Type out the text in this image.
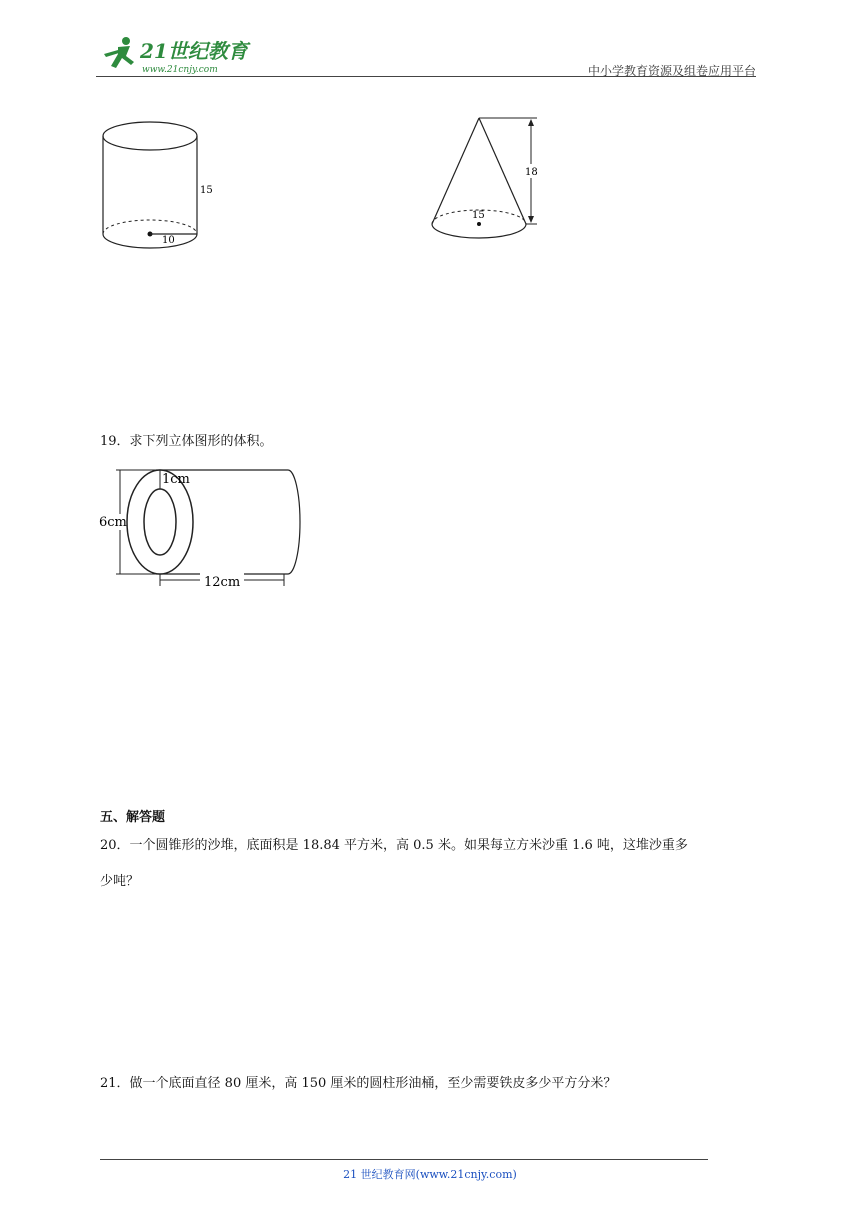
21世纪教育
www.21cnjy.com	中小学教育资源及组卷应用平台
15
10
18
15
19．求下列立体图形的体积。
1cm
6cm
12cm
五、解答题
20．一个圆锥形的沙堆，底面积是 18.84 平方米，高 0.5 米。如果每立方米沙重 1.6 吨，这堆沙重多
少吨？
21．做一个底面直径 80 厘米，高 150 厘米的圆柱形油桶，至少需要铁皮多少平方分米？
21 世纪教育网(www.21cnjy.com)
